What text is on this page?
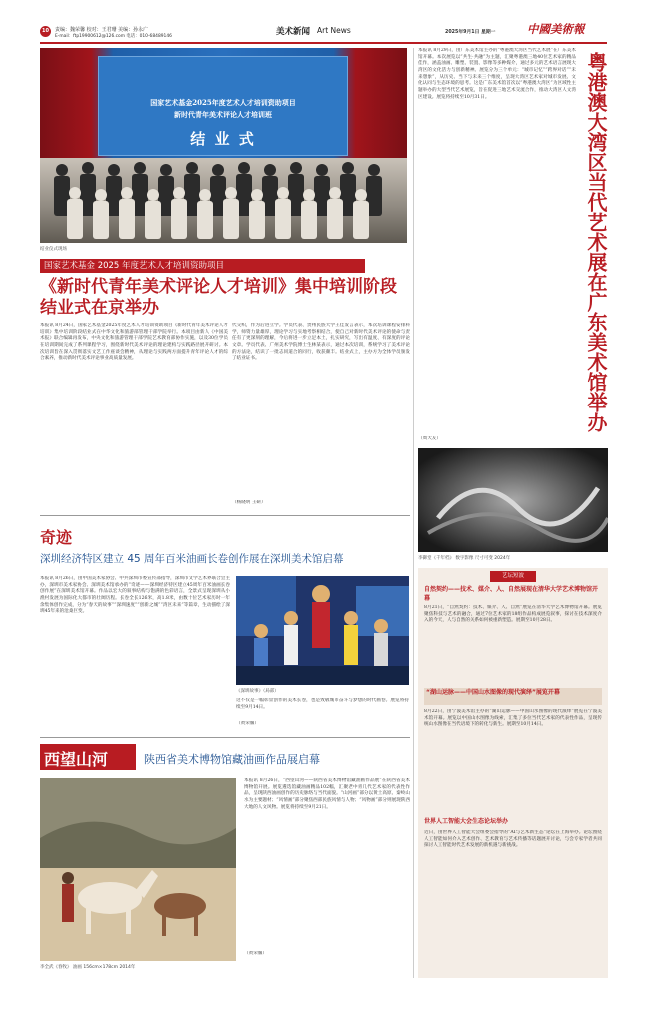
10	责编：魏荣馨 校对：王君珊 美编：孙永广
E-mail：ftp19900612@126.com 电话：010-68489146	美术新闻 Art News	2025年9月1日 星期一	中國美術報
国家艺术基金2025年度艺术人才培训资助项目
新时代青年美术评论人才培训班
结 业 式
结业仪式现场
国家艺术基金 2025 年度艺术人才培训资助项目
《新时代青年美术评论人才培训》集中培训阶段结业式在京举办
本报讯 8月24日，国家艺术基金2025年度艺术人才培训资助项目《新时代青年美术评论人才培训》集中培训阶段结业式在中华文化和旅游部管理干部学院举行。本项目由新人《中国美术报》联合编辑再发布，中央文化和旅游管理干部学院艺术教育部协作实施，以及30位学员在培训期间完成了系列课程学习，围绕新时代美术评论的理论建构与实践路径展开研讨。本次培训旨在深入贯彻落实文艺工作座谈会精神，从理论与实践两方面提升青年评论人才的综合素养，推动新时代美术评论事业高质量发展。
代交织，作为后进立学。学员代表、贵州民族大学王佳发言表示，本次培训课程安排科学，师资力量雄厚，理论学习与实地考察相结合，使自己对新时代美术评论的使命与责任有了更深刻的理解，今后将进一步立足本土，扎实研究，写出有温度、有深度的评论文章。学员代表、广州美术学院博士生林某表示，通过本次培训，系统学习了美术评论的方法论，结识了一批志同道合的同行，收获颇丰。结业式上，主办方为全体学员颁发了结业证书。
（杨晓明 王研）
奇迹
深圳经济特区建立 45 周年百米油画长卷创作展在深圳美术馆启幕
本报讯 8月26日，由中国美术家协会、中共深圳市委宣传部指导，深圳市文学艺术界联合会主办，深圳市美术家协会、深圳美术馆承办的“奇迹——深圳经济特区建立45周年百米油画长卷创作展”在深圳美术馆开幕。作品以宏大的叙事结构与饱满的色彩语言，全景式呈现深圳从小渔村发展为国际化大都市的壮阔历程。长卷全长126米，高1.8米，由数十位艺术家历时一年余集体创作完成，分为“春天的故事”“深圳速度”“创新之城”“湾区未来”等篇章，生动描绘了深圳45年来的沧桑巨变。
《深圳故事》（局部）
这不仅是一幅彰显创作的美术长卷，也是致敬城市奋斗与梦想的时代画卷。展览将持续至9月14日。
（黄荣馨）
西望山河	陕西省美术博物馆藏油画作品展启幕
李全武《春牧》 油画 156cm×178cm 2014年
本报讯 8月26日，“西望山河——陕西省美术博物馆藏油画作品展”在陕西省美术博物馆开展。展览遴选馆藏油画精品102幅，汇聚老中青几代艺术家的代表性作品，呈现陕西油画创作的历史脉络与当代面貌。“山河画”部分以黄土高原、秦岭山水为主要题材；“风情画”部分聚焦西部民族风情与人物；“风物画”部分则展现陕西大地的人文风物。展览将持续至9月21日。
（黄荣馨）
本报讯 8月29日，由广东美术馆主办的“粤港澳大湾区当代艺术展”在广东美术馆开幕。本次展览以“共生·共融”为主题，汇聚粤港澳三地40位艺术家的精品佳作，涵盖油画、雕塑、装置、影像等多种媒介，通过多元的艺术语言展现大湾区的文化活力与创新精神。展览分为三个单元：“城市记忆”“跨界对话”“未来想象”，从历史、当下与未来三个维度，呈现大湾区艺术家对城市发展、文化认同与生态环境的思考。这是广东美术馆首次以“粤港澳大湾区”为区域性主题举办的大型当代艺术展览，旨在促进三地艺术交流合作，推动大湾区人文湾区建设。展览将持续至10月31日。
（周大友）
粤港澳大湾区当代艺术展在广东美术馆举办
李御堂《千年档》 数字影像 尺寸可变 2024年
艺坛短波
自然契约——技术、媒介、人、自然展现在清华大学艺术博物馆开幕
8月21日，“自然契约：技术、媒介、人、自然”展览在清华大学艺术博物馆开幕。展览聚焦科技与艺术的融合，通过7位艺术家的18组作品构成展览叙事，探讨在技术深度介入的今天，人与自然的关系如何被重新塑造。展期至10月28日。
“湖山运脉——中国山水图像的现代演绎”展览开幕
8月22日，由宁波美术馆主办的“湖山运脉——中国山水图像的现代演绎”展览在宁波美术馆开幕。展览以中国山水图像为线索，汇集了多位当代艺术家的代表性作品，呈现传统山水图像在当代语境下的转化与新生。展期至10月14日。
世界人工智能大会生态论坛举办
近日，由世界人工智能大会组委会指导的“AI与艺术新生态”论坛在上海举办。论坛围绕人工智能如何介入艺术创作、艺术教育与艺术传播等话题展开讨论，与会专家学者共同探讨人工智能时代艺术发展的新机遇与新挑战。
